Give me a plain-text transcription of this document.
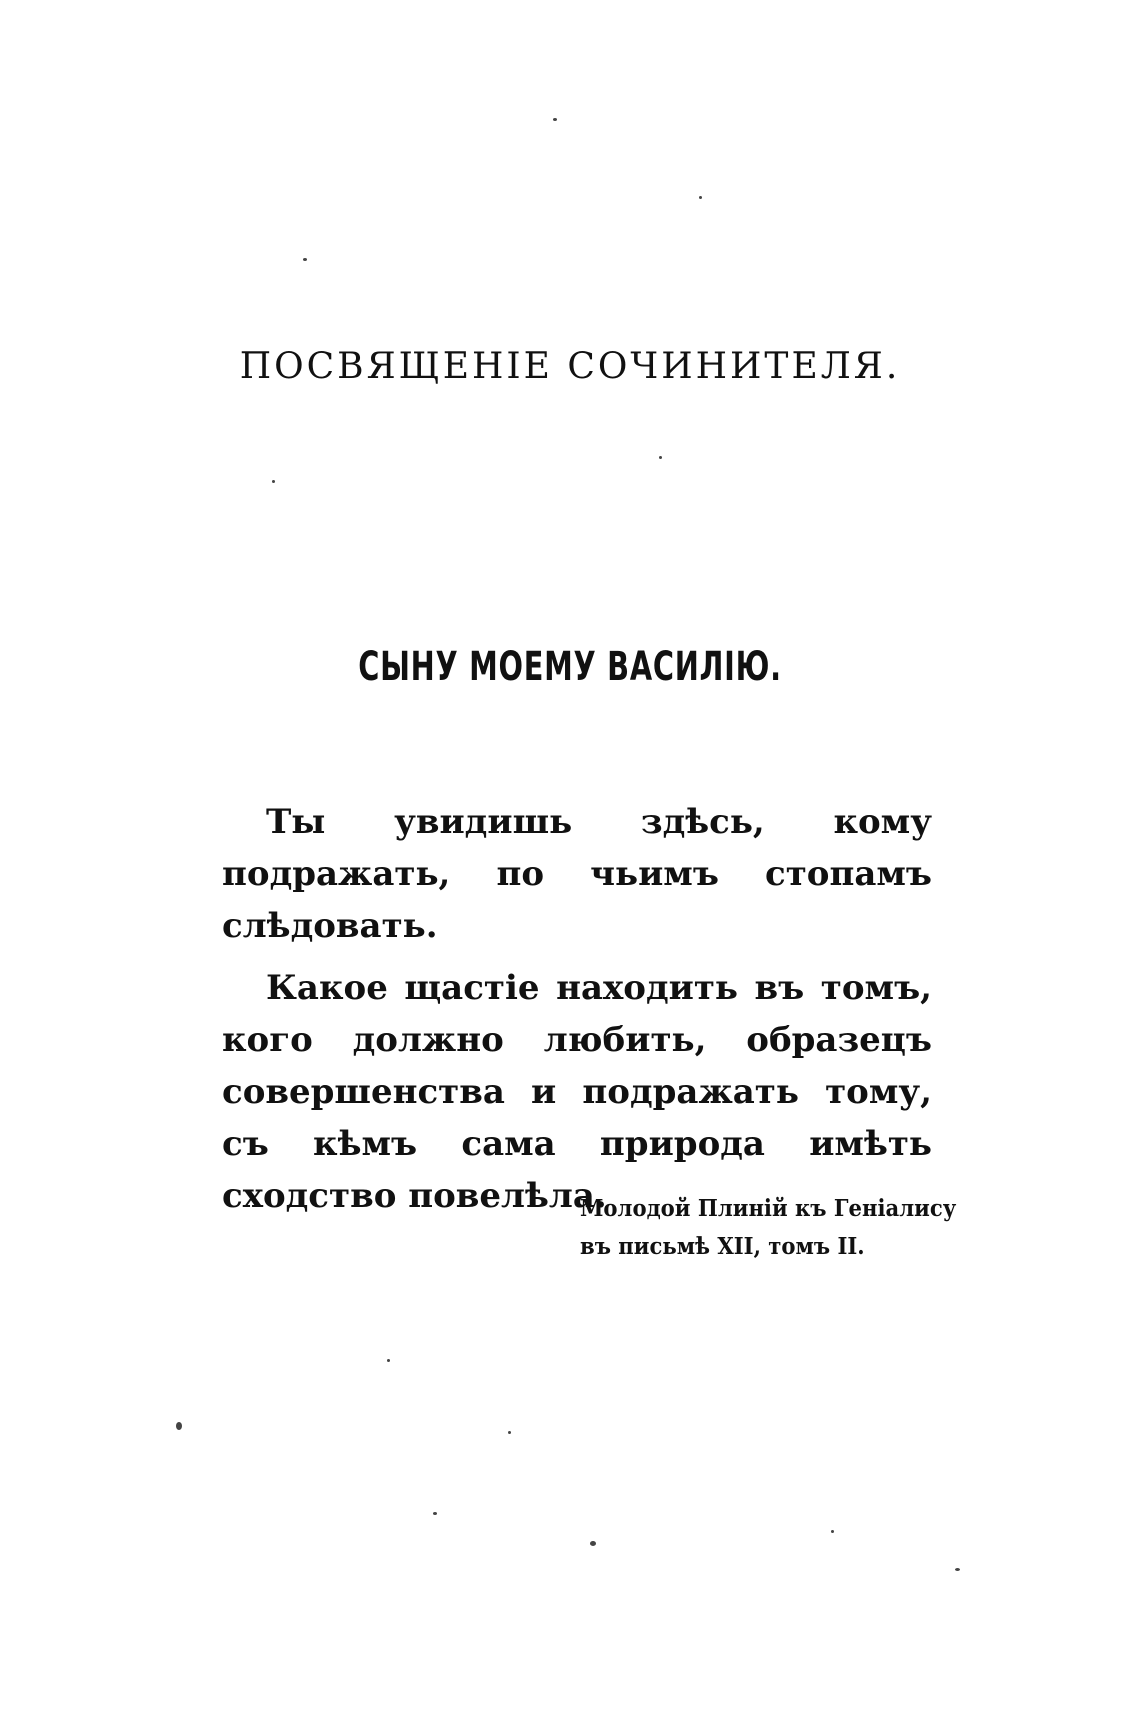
ПОСВЯЩЕНІЕ СОЧИНИТЕЛЯ.
СЫНУ МОЕМУ ВАСИЛІЮ.

Ты увидишь здѣсь, кому подражать, по чьимъ стопамъ слѣдовать.

Какое щастіе находить въ томъ, кого должно любить, образецъ совершенства и подражать тому, съ кѣмъ сама природа имѣть сходство повелѣла.

Молодой Плиній къ Геніалису
въ письмѣ XII, томъ II.
